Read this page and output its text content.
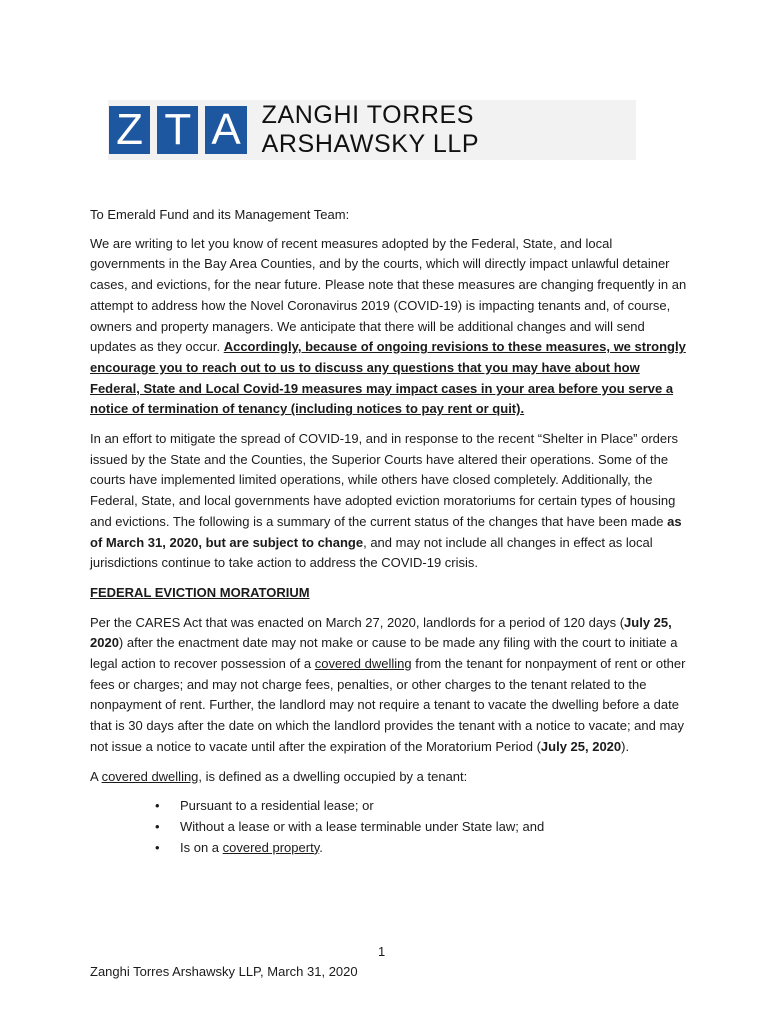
Z T A ZANGHI TORRES ARSHAWSKY LLP

To Emerald Fund and its Management Team:

We are writing to let you know of recent measures adopted by the Federal, State, and local governments in the Bay Area Counties, and by the courts, which will directly impact unlawful detainer cases, and evictions, for the near future. Please note that these measures are changing frequently in an attempt to address how the Novel Coronavirus 2019 (COVID-19) is impacting tenants and, of course, owners and property managers. We anticipate that there will be additional changes and will send updates as they occur. Accordingly, because of ongoing revisions to these measures, we strongly encourage you to reach out to us to discuss any questions that you may have about how Federal, State and Local Covid-19 measures may impact cases in your area before you serve a notice of termination of tenancy (including notices to pay rent or quit).

In an effort to mitigate the spread of COVID-19, and in response to the recent “Shelter in Place” orders issued by the State and the Counties, the Superior Courts have altered their operations. Some of the courts have implemented limited operations, while others have closed completely. Additionally, the Federal, State, and local governments have adopted eviction moratoriums for certain types of housing and evictions. The following is a summary of the current status of the changes that have been made as of March 31, 2020, but are subject to change, and may not include all changes in effect as local jurisdictions continue to take action to address the COVID-19 crisis.

FEDERAL EVICTION MORATORIUM

Per the CARES Act that was enacted on March 27, 2020, landlords for a period of 120 days (July 25, 2020) after the enactment date may not make or cause to be made any filing with the court to initiate a legal action to recover possession of a covered dwelling from the tenant for nonpayment of rent or other fees or charges; and may not charge fees, penalties, or other charges to the tenant related to the nonpayment of rent. Further, the landlord may not require a tenant to vacate the dwelling before a date that is 30 days after the date on which the landlord provides the tenant with a notice to vacate; and may not issue a notice to vacate until after the expiration of the Moratorium Period (July 25, 2020).

A covered dwelling, is defined as a dwelling occupied by a tenant:

• Pursuant to a residential lease; or
• Without a lease or with a lease terminable under State law; and
• Is on a covered property.
1
Zanghi Torres Arshawsky LLP, March 31, 2020
